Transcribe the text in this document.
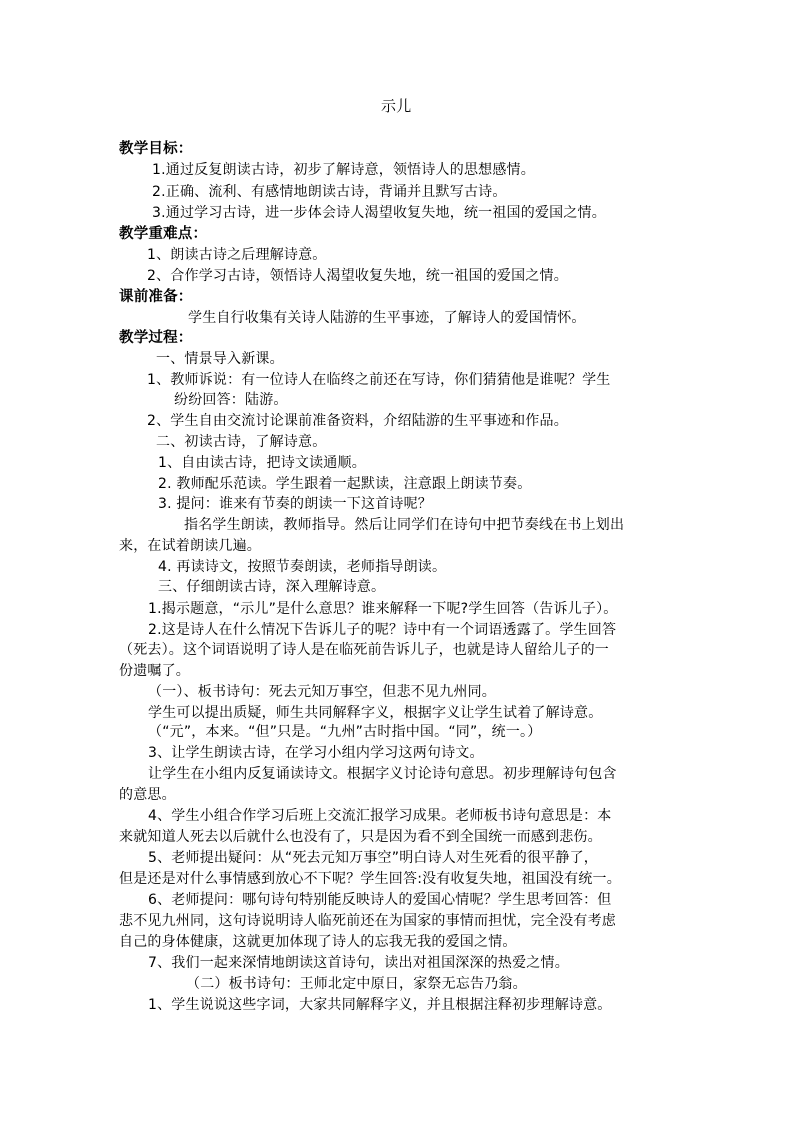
示儿
教学目标：
1.通过反复朗读古诗，初步了解诗意，领悟诗人的思想感情。
2.正确、流利、有感情地朗读古诗，背诵并且默写古诗。
3.通过学习古诗，进一步体会诗人渴望收复失地，统一祖国的爱国之情。
教学重难点：
1、朗读古诗之后理解诗意。
2、合作学习古诗，领悟诗人渴望收复失地，统一祖国的爱国之情。
课前准备：
学生自行收集有关诗人陆游的生平事迹，了解诗人的爱国情怀。
教学过程：
一、情景导入新课。
1、教师诉说：有一位诗人在临终之前还在写诗，你们猜猜他是谁呢？学生
纷纷回答：陆游。
2、学生自由交流讨论课前准备资料，介绍陆游的生平事迹和作品。
二、初读古诗，了解诗意。
1、自由读古诗，把诗文读通顺。
2. 教师配乐范读。学生跟着一起默读，注意跟上朗读节奏。
3. 提问：谁来有节奏的朗读一下这首诗呢？
指名学生朗读，教师指导。然后让同学们在诗句中把节奏线在书上划出
来，在试着朗读几遍。
4. 再读诗文，按照节奏朗读，老师指导朗读。
三、仔细朗读古诗，深入理解诗意。
1.揭示题意，“示儿”是什么意思？谁来解释一下呢?学生回答（告诉儿子）。
2.这是诗人在什么情况下告诉儿子的呢？诗中有一个词语透露了。学生回答
（死去）。这个词语说明了诗人是在临死前告诉儿子，也就是诗人留给儿子的一
份遗嘱了。
（一）、板书诗句：死去元知万事空，但悲不见九州同。
学生可以提出质疑，师生共同解释字义，根据字义让学生试着了解诗意。
（“元”，本来。“但”只是。“九州”古时指中国。“同”，统一。）
3、让学生朗读古诗，在学习小组内学习这两句诗文。
让学生在小组内反复诵读诗文。根据字义讨论诗句意思。初步理解诗句包含
的意思。
4、学生小组合作学习后班上交流汇报学习成果。老师板书诗句意思是：本
来就知道人死去以后就什么也没有了，只是因为看不到全国统一而感到悲伤。
5、老师提出疑问：从“死去元知万事空”明白诗人对生死看的很平静了，
但是还是对什么事情感到放心不下呢？学生回答:没有收复失地，祖国没有统一。
6、老师提问：哪句诗句特别能反映诗人的爱国心情呢？学生思考回答：但
悲不见九州同，这句诗说明诗人临死前还在为国家的事情而担忧，完全没有考虑
自己的身体健康，这就更加体现了诗人的忘我无我的爱国之情。
7、我们一起来深情地朗读这首诗句，读出对祖国深深的热爱之情。
（二）板书诗句：王师北定中原日，家祭无忘告乃翁。
1、学生说说这些字词，大家共同解释字义，并且根据注释初步理解诗意。
